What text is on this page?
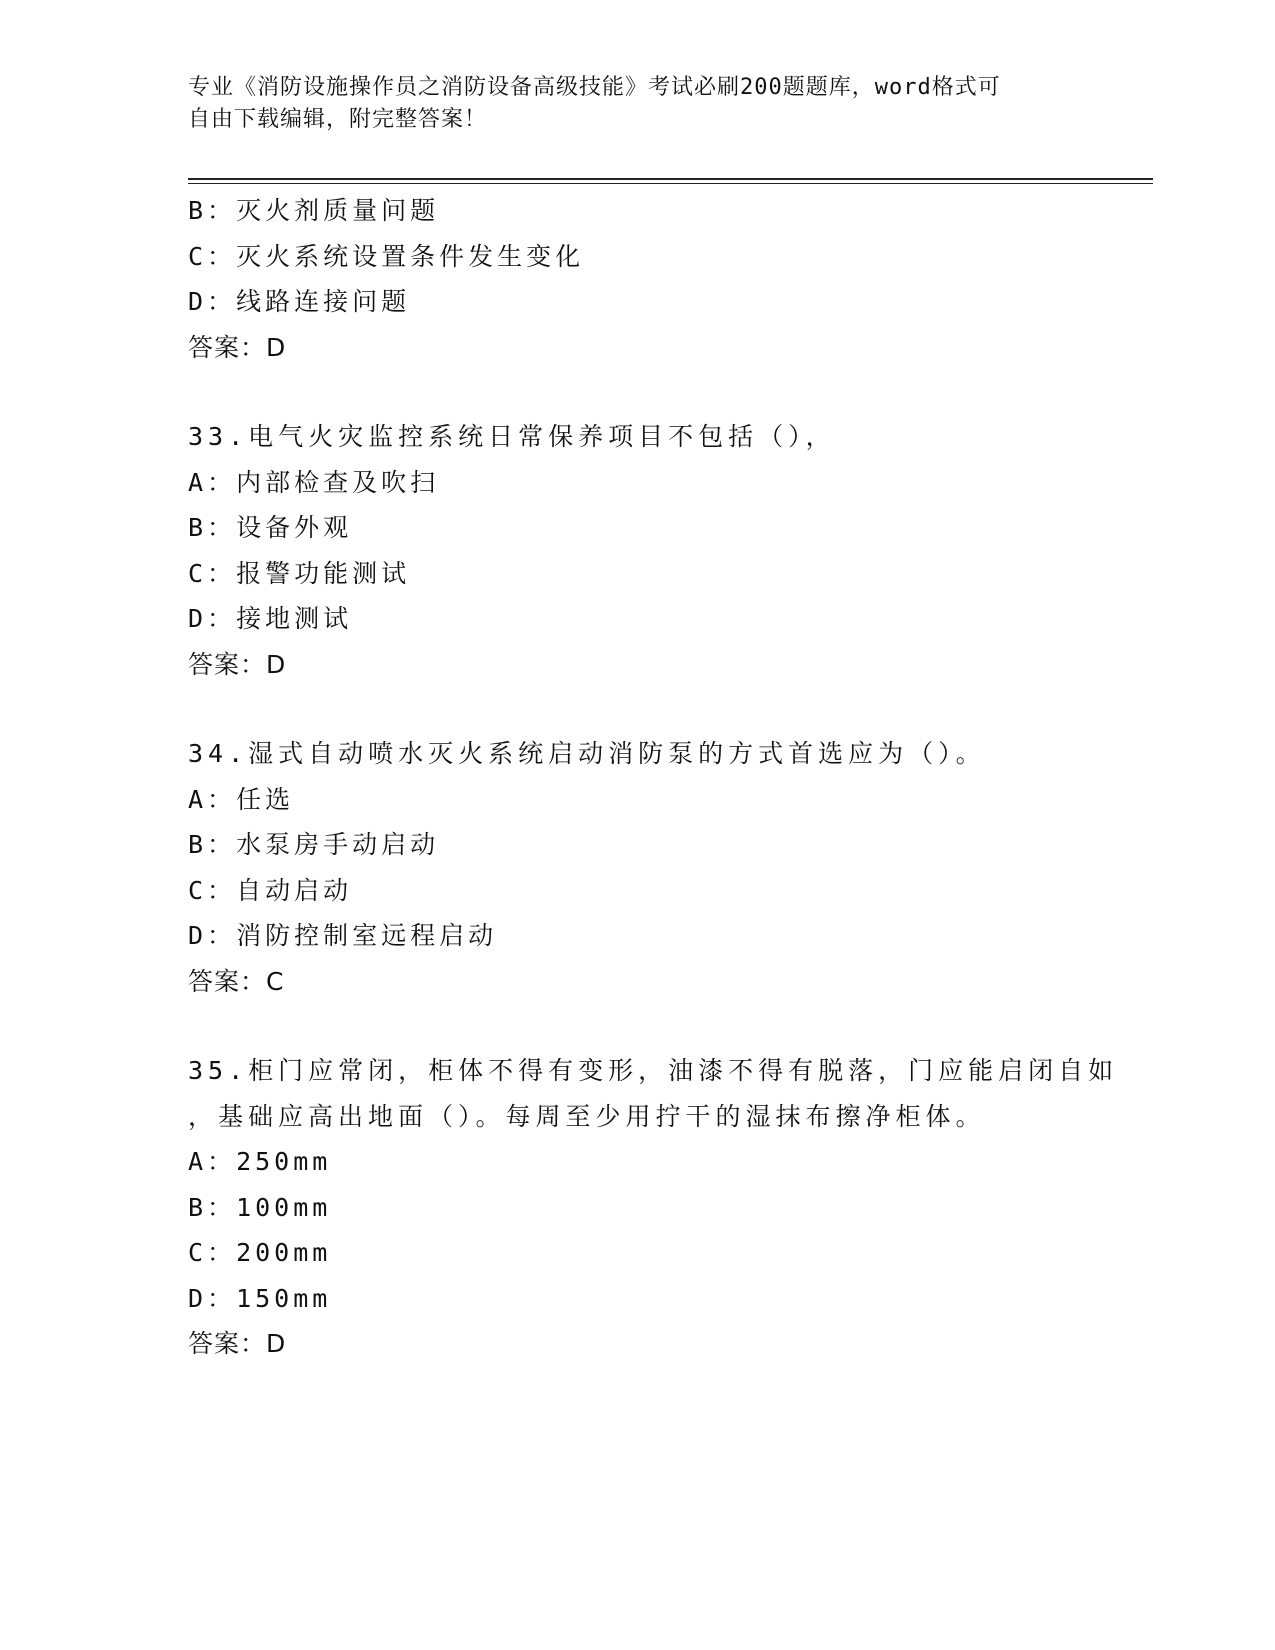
专业《消防设施操作员之消防设备高级技能》考试必刷200题题库，word格式可
自由下载编辑，附完整答案！
B：灭火剂质量问题
C：灭火系统设置条件发生变化
D：线路连接问题
答案：D
33.电气火灾监控系统日常保养项目不包括（），
A：内部检查及吹扫
B：设备外观
C：报警功能测试
D：接地测试
答案：D
34.湿式自动喷水灭火系统启动消防泵的方式首选应为（）。
A：任选
B：水泵房手动启动
C：自动启动
D：消防控制室远程启动
答案：C
35.柜门应常闭，柜体不得有变形，油漆不得有脱落，门应能启闭自如
，基础应高出地面（）。每周至少用拧干的湿抹布擦净柜体。
A：250mm
B：100mm
C：200mm
D：150mm
答案：D
